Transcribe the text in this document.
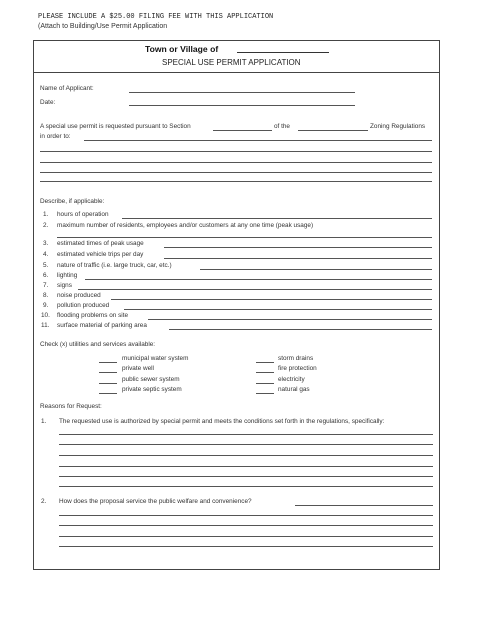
PLEASE INCLUDE A $25.00 FILING FEE WITH THIS APPLICATION
(Attach to Building/Use Permit Application
Town or Village of
SPECIAL USE PERMIT APPLICATION
Name of Applicant:
Date:
A special use permit is requested pursuant to Section	of the	Zoning Regulations
in order to:
Describe, if applicable:
1. hours of operation
2. maximum number of residents, employees and/or customers at any one time (peak usage)
3. estimated times of peak usage
4. estimated vehicle trips per day
5. nature of traffic (i.e. large truck, car, etc.)
6. lighting
7. signs
8. noise produced
9. pollution produced
10. flooding problems on site
11. surface material of parking area
Check (x) utilities and services available:
municipal water system
private well
public sewer system
private septic system
storm drains
fire protection
electricity
natural gas
Reasons for Request:
1. The requested use is authorized by special permit and meets the conditions set forth in the regulations, specifically:
2. How does the proposal service the public welfare and convenience?
